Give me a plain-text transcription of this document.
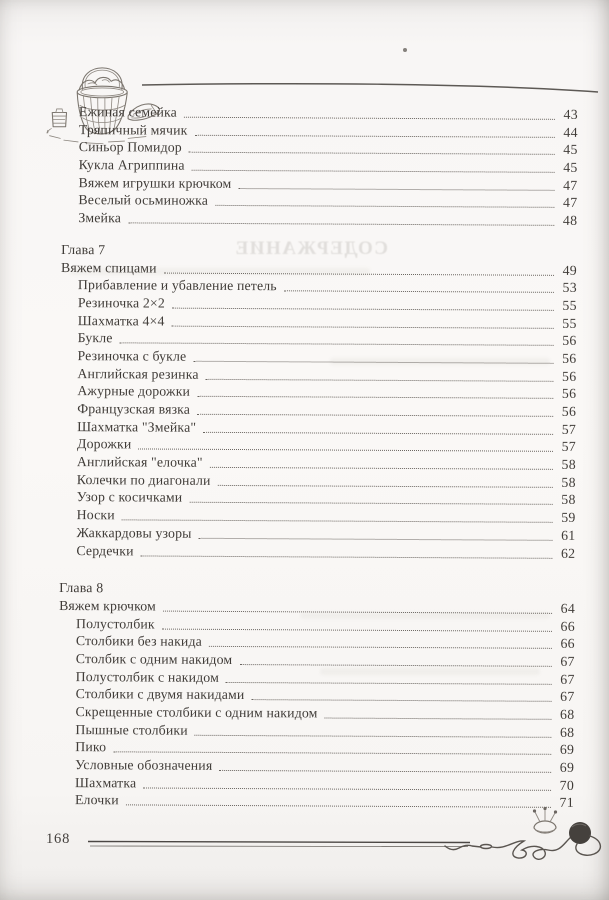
СОДЕРЖАНИЕ
Ежиная семейка	43
Тряпичный мячик	44
Синьор Помидор	45
Кукла Агриппина	45
Вяжем игрушки крючком	47
Веселый осьминожка	47
Змейка	48
Глава 7
Вяжем спицами	49
Прибавление и убавление петель	53
Резиночка 2×2	55
Шахматка 4×4	55
Букле	56
Резиночка с букле	56
Английская резинка	56
Ажурные дорожки	56
Французская вязка	56
Шахматка "Змейка"	57
Дорожки	57
Английская "елочка"	58
Колечки по диагонали	58
Узор с косичками	58
Носки	59
Жаккардовы узоры	61
Сердечки	62
Глава 8
Вяжем крючком	64
Полустолбик	66
Столбики без накида	66
Столбик с одним накидом	67
Полустолбик с накидом	67
Столбики с двумя накидами	67
Скрещенные столбики с одним накидом	68
Пышные столбики	68
Пико	69
Условные обозначения	69
Шахматка	70
Елочки	71
168
